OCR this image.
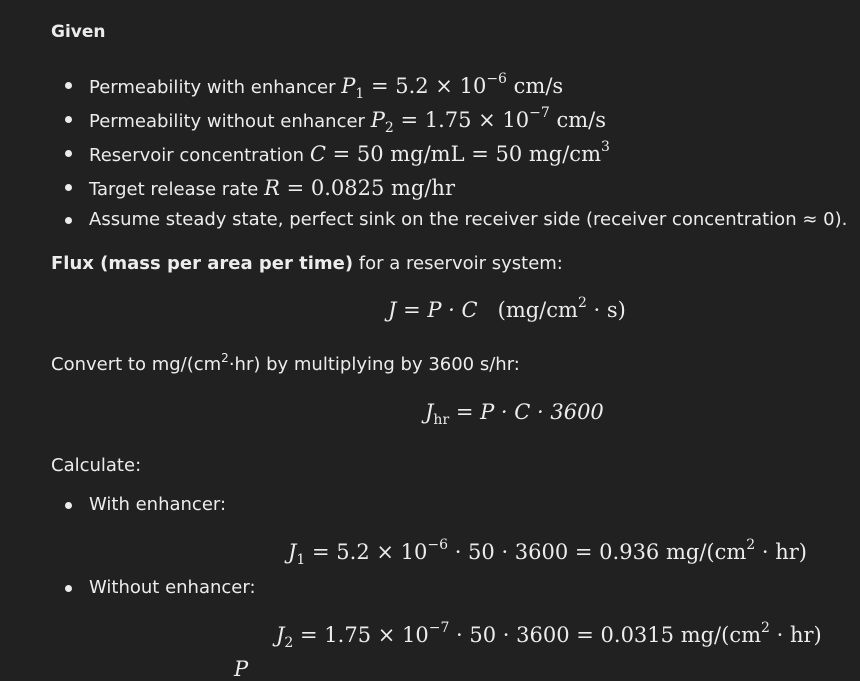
Given
Permeability with enhancer $P_1 = 5.2 \times 10^{-6}$ cm/s
Permeability without enhancer $P_2 = 1.75 \times 10^{-7}$ cm/s
Reservoir concentration C = 50 mg/mL = 50 $mg/cm^3$
Target release rate R = 0.0825 mg/hr
Assume steady state, perfect sink on the receiver side (receiver concentration ≈ 0).
Flux (mass per area per time) for a reservoir system:
J = P · C $(mg/cm^2 \cdot s)$
Convert to $mg/(cm^2\cdot hr)$ by multiplying by 3600 s/hr:
$J_{hr} = P \cdot C \cdot 3600$
Calculate:
With enhancer:
$J_1 = 5.2 \times 10^{-6} \cdot 50 \cdot 3600 = 0.936$ $mg/(cm^2 \cdot hr)$
Without enhancer:
$J_2 = 1.75 \times 10^{-7} \cdot 50 \cdot 3600 = 0.0315$ $mg/(cm^2 \cdot hr)$
P
